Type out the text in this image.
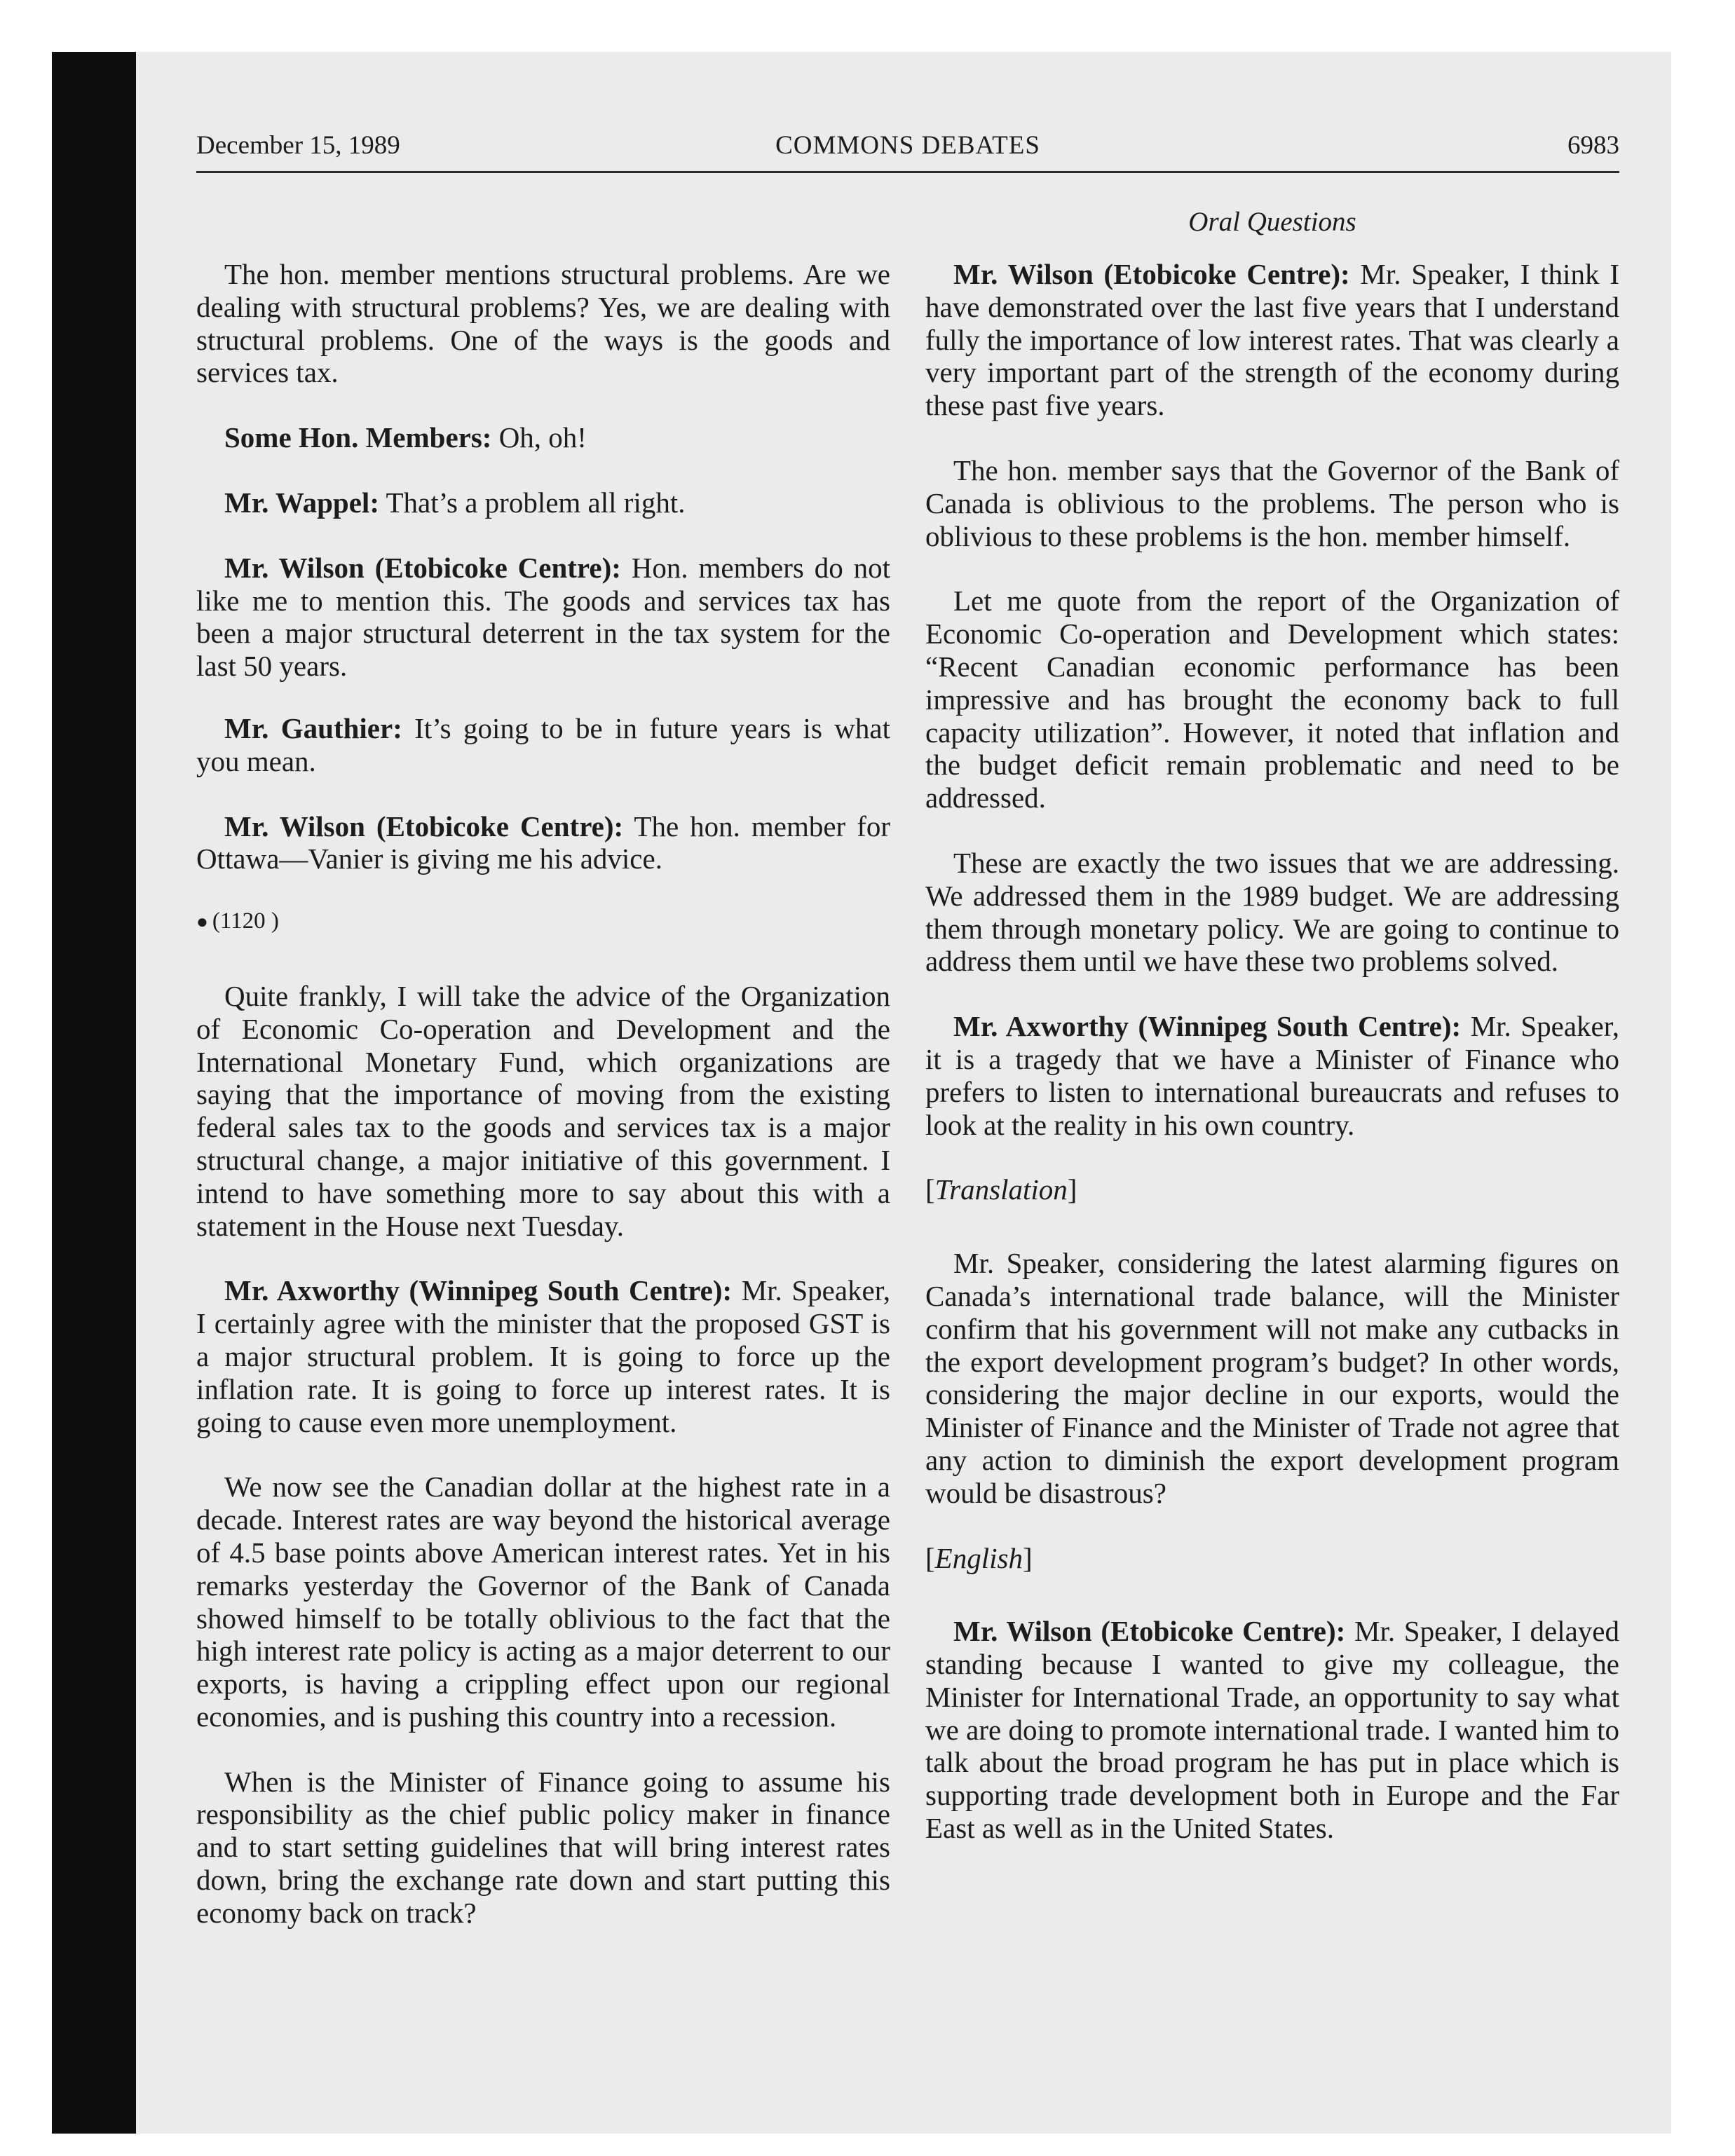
December 15, 1989	COMMONS DEBATES	6983
Oral Questions

The hon. member mentions structural problems. Are we dealing with structural problems? Yes, we are dealing with structural problems. One of the ways is the goods and services tax.

Some Hon. Members: Oh, oh!

Mr. Wappel: That’s a problem all right.

Mr. Wilson (Etobicoke Centre): Hon. members do not like me to mention this. The goods and services tax has been a major structural deterrent in the tax system for the last 50 years.

Mr. Gauthier: It’s going to be in future years is what you mean.

Mr. Wilson (Etobicoke Centre): The hon. member for Ottawa—Vanier is giving me his advice.

● (1120 )

Quite frankly, I will take the advice of the Organization of Economic Co-operation and Development and the International Monetary Fund, which organizations are saying that the importance of moving from the existing federal sales tax to the goods and services tax is a major structural change, a major initiative of this government. I intend to have something more to say about this with a statement in the House next Tuesday.

Mr. Axworthy (Winnipeg South Centre): Mr. Speaker, I certainly agree with the minister that the proposed GST is a major structural problem. It is going to force up the inflation rate. It is going to force up interest rates. It is going to cause even more unemployment.

We now see the Canadian dollar at the highest rate in a decade. Interest rates are way beyond the historical average of 4.5 base points above American interest rates. Yet in his remarks yesterday the Governor of the Bank of Canada showed himself to be totally oblivious to the fact that the high interest rate policy is acting as a major deterrent to our exports, is having a crippling effect upon our regional economies, and is pushing this country into a recession.

When is the Minister of Finance going to assume his responsibility as the chief public policy maker in finance and to start setting guidelines that will bring interest rates down, bring the exchange rate down and start putting this economy back on track?

Mr. Wilson (Etobicoke Centre): Mr. Speaker, I think I have demonstrated over the last five years that I understand fully the importance of low interest rates. That was clearly a very important part of the strength of the economy during these past five years.

The hon. member says that the Governor of the Bank of Canada is oblivious to the problems. The person who is oblivious to these problems is the hon. member himself.

Let me quote from the report of the Organization of Economic Co-operation and Development which states: “Recent Canadian economic performance has been impressive and has brought the economy back to full capacity utilization”. However, it noted that inflation and the budget deficit remain problematic and need to be addressed.

These are exactly the two issues that we are addressing. We addressed them in the 1989 budget. We are addressing them through monetary policy. We are going to continue to address them until we have these two problems solved.

Mr. Axworthy (Winnipeg South Centre): Mr. Speaker, it is a tragedy that we have a Minister of Finance who prefers to listen to international bureaucrats and refuses to look at the reality in his own country.

[Translation]

Mr. Speaker, considering the latest alarming figures on Canada’s international trade balance, will the Minister confirm that his government will not make any cutbacks in the export development program’s budget? In other words, considering the major decline in our exports, would the Minister of Finance and the Minister of Trade not agree that any action to diminish the export development program would be disastrous?

[English]

Mr. Wilson (Etobicoke Centre): Mr. Speaker, I delayed standing because I wanted to give my colleague, the Minister for International Trade, an opportunity to say what we are doing to promote international trade. I wanted him to talk about the broad program he has put in place which is supporting trade development both in Europe and the Far East as well as in the United States.
